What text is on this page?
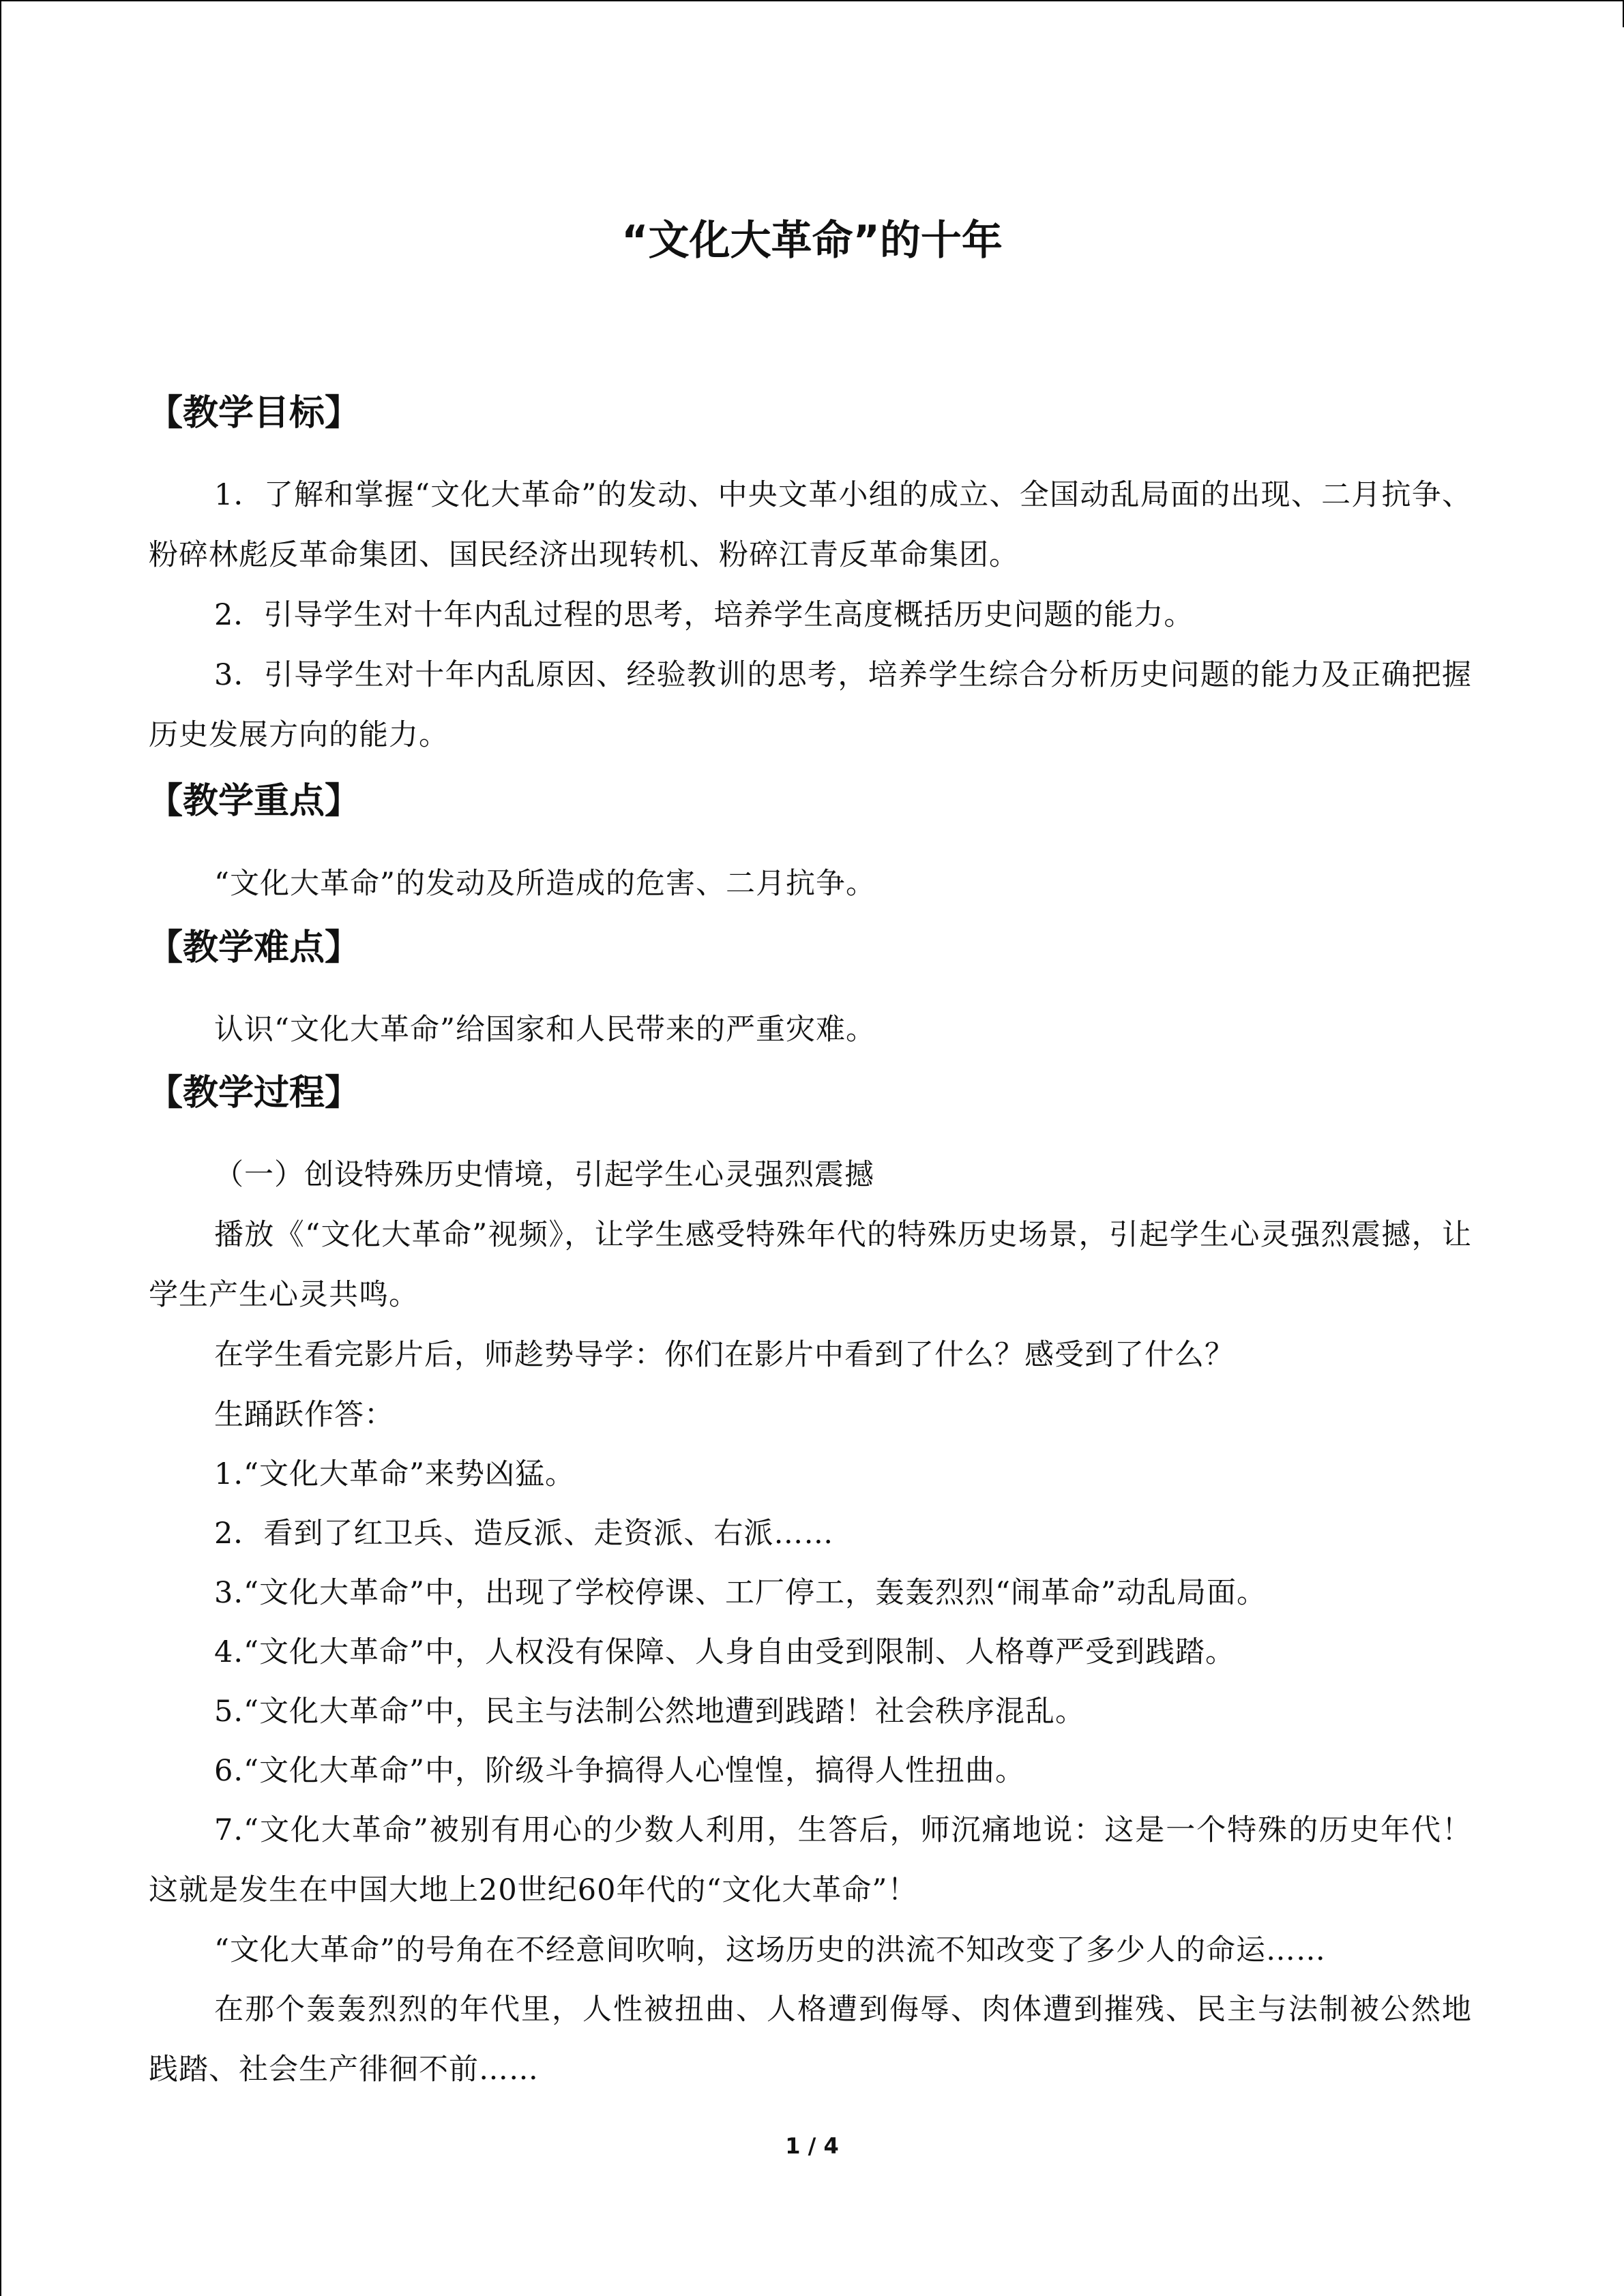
“文化大革命”的十年
【教学目标】
1．了解和掌握“文化大革命”的发动、中央文革小组的成立、全国动乱局面的出现、二月抗争、粉碎林彪反革命集团、国民经济出现转机、粉碎江青反革命集团。
2．引导学生对十年内乱过程的思考，培养学生高度概括历史问题的能力。
3．引导学生对十年内乱原因、经验教训的思考，培养学生综合分析历史问题的能力及正确把握历史发展方向的能力。
【教学重点】
“文化大革命”的发动及所造成的危害、二月抗争。
【教学难点】
认识“文化大革命”给国家和人民带来的严重灾难。
【教学过程】
（一）创设特殊历史情境，引起学生心灵强烈震撼
播放《“文化大革命”视频》，让学生感受特殊年代的特殊历史场景，引起学生心灵强烈震撼，让学生产生心灵共鸣。
在学生看完影片后，师趁势导学：你们在影片中看到了什么？感受到了什么？
生踊跃作答：
1.“文化大革命”来势凶猛。
2．看到了红卫兵、造反派、走资派、右派……
3.“文化大革命”中，出现了学校停课、工厂停工，轰轰烈烈“闹革命”动乱局面。
4.“文化大革命”中，人权没有保障、人身自由受到限制、人格尊严受到践踏。
5.“文化大革命”中，民主与法制公然地遭到践踏！社会秩序混乱。
6.“文化大革命”中，阶级斗争搞得人心惶惶，搞得人性扭曲。
7.“文化大革命”被别有用心的少数人利用，生答后，师沉痛地说：这是一个特殊的历史年代！这就是发生在中国大地上20世纪60年代的“文化大革命”！
“文化大革命”的号角在不经意间吹响，这场历史的洪流不知改变了多少人的命运……
在那个轰轰烈烈的年代里，人性被扭曲、人格遭到侮辱、肉体遭到摧残、民主与法制被公然地践踏、社会生产徘徊不前……
1 / 4
